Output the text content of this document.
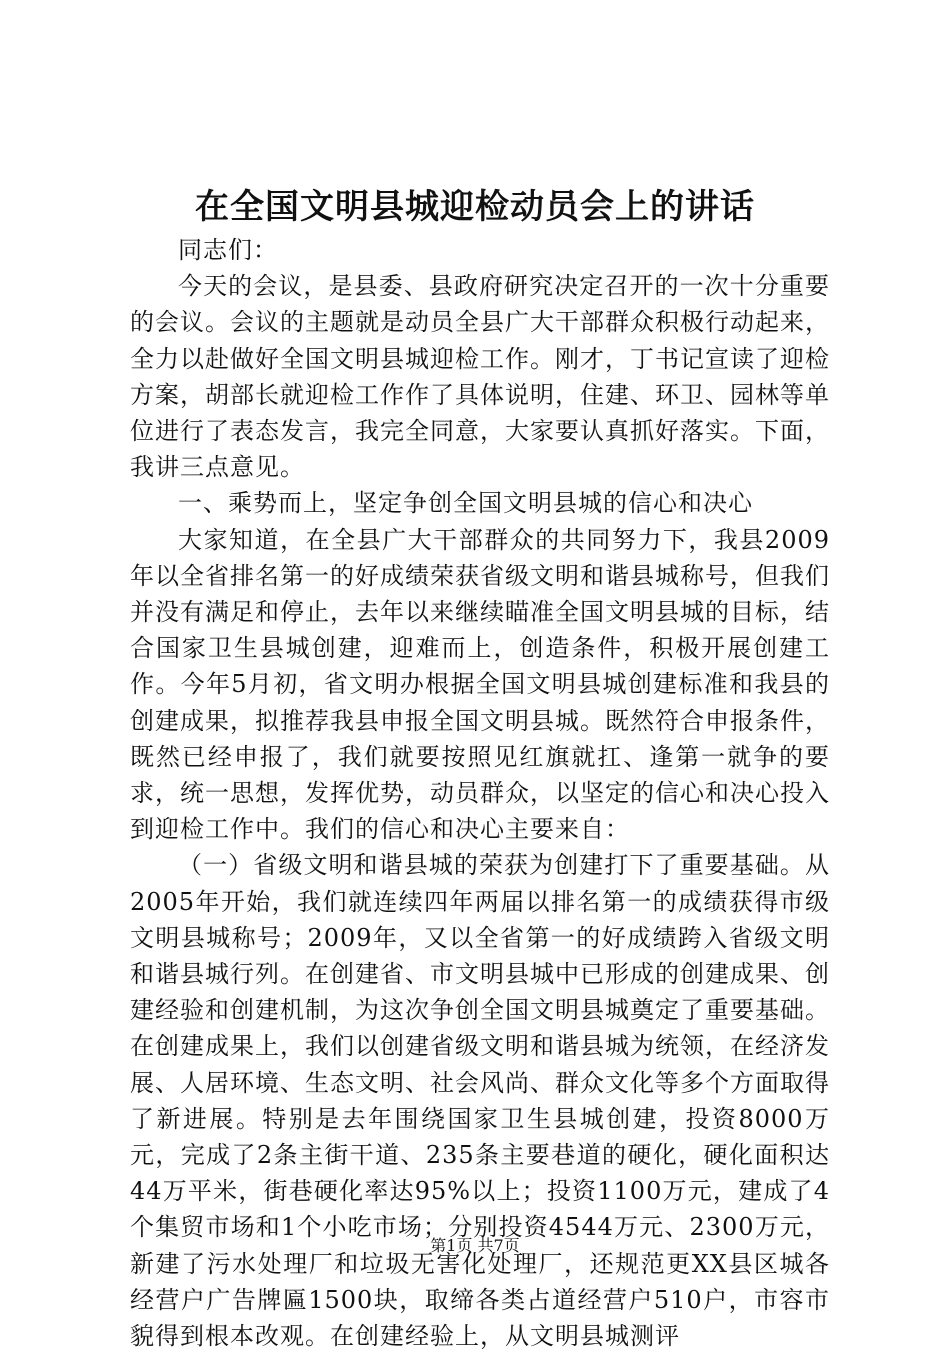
在全国文明县城迎检动员会上的讲话

同志们：

今天的会议，是县委、县政府研究决定召开的一次十分重要的会议。会议的主题就是动员全县广大干部群众积极行动起来，全力以赴做好全国文明县城迎检工作。刚才，丁书记宣读了迎检方案，胡部长就迎检工作作了具体说明，住建、环卫、园林等单位进行了表态发言，我完全同意，大家要认真抓好落实。下面，我讲三点意见。

一、乘势而上，坚定争创全国文明县城的信心和决心

大家知道，在全县广大干部群众的共同努力下，我县2009年以全省排名第一的好成绩荣获省级文明和谐县城称号，但我们并没有满足和停止，去年以来继续瞄准全国文明县城的目标，结合国家卫生县城创建，迎难而上，创造条件，积极开展创建工作。今年5月初，省文明办根据全国文明县城创建标准和我县的创建成果，拟推荐我县申报全国文明县城。既然符合申报条件，既然已经申报了，我们就要按照见红旗就扛、逢第一就争的要求，统一思想，发挥优势，动员群众，以坚定的信心和决心投入到迎检工作中。我们的信心和决心主要来自：

（一）省级文明和谐县城的荣获为创建打下了重要基础。从2005年开始，我们就连续四年两届以排名第一的成绩获得市级文明县城称号；2009年，又以全省第一的好成绩跨入省级文明和谐县城行列。在创建省、市文明县城中已形成的创建成果、创建经验和创建机制，为这次争创全国文明县城奠定了重要基础。在创建成果上，我们以创建省级文明和谐县城为统领，在经济发展、人居环境、生态文明、社会风尚、群众文化等多个方面取得了新进展。特别是去年围绕国家卫生县城创建，投资8000万元，完成了2条主街干道、235条主要巷道的硬化，硬化面积达44万平米，街巷硬化率达95%以上；投资1100万元，建成了4个集贸市场和1个小吃市场；分别投资4544万元、2300万元，新建了污水处理厂和垃圾无害化处理厂，还规范更XX县区城各经营户广告牌匾1500块，取缔各类占道经营户510户，市容市貌得到根本改观。在创建经验上，从文明县城测评

第1页 共7页
